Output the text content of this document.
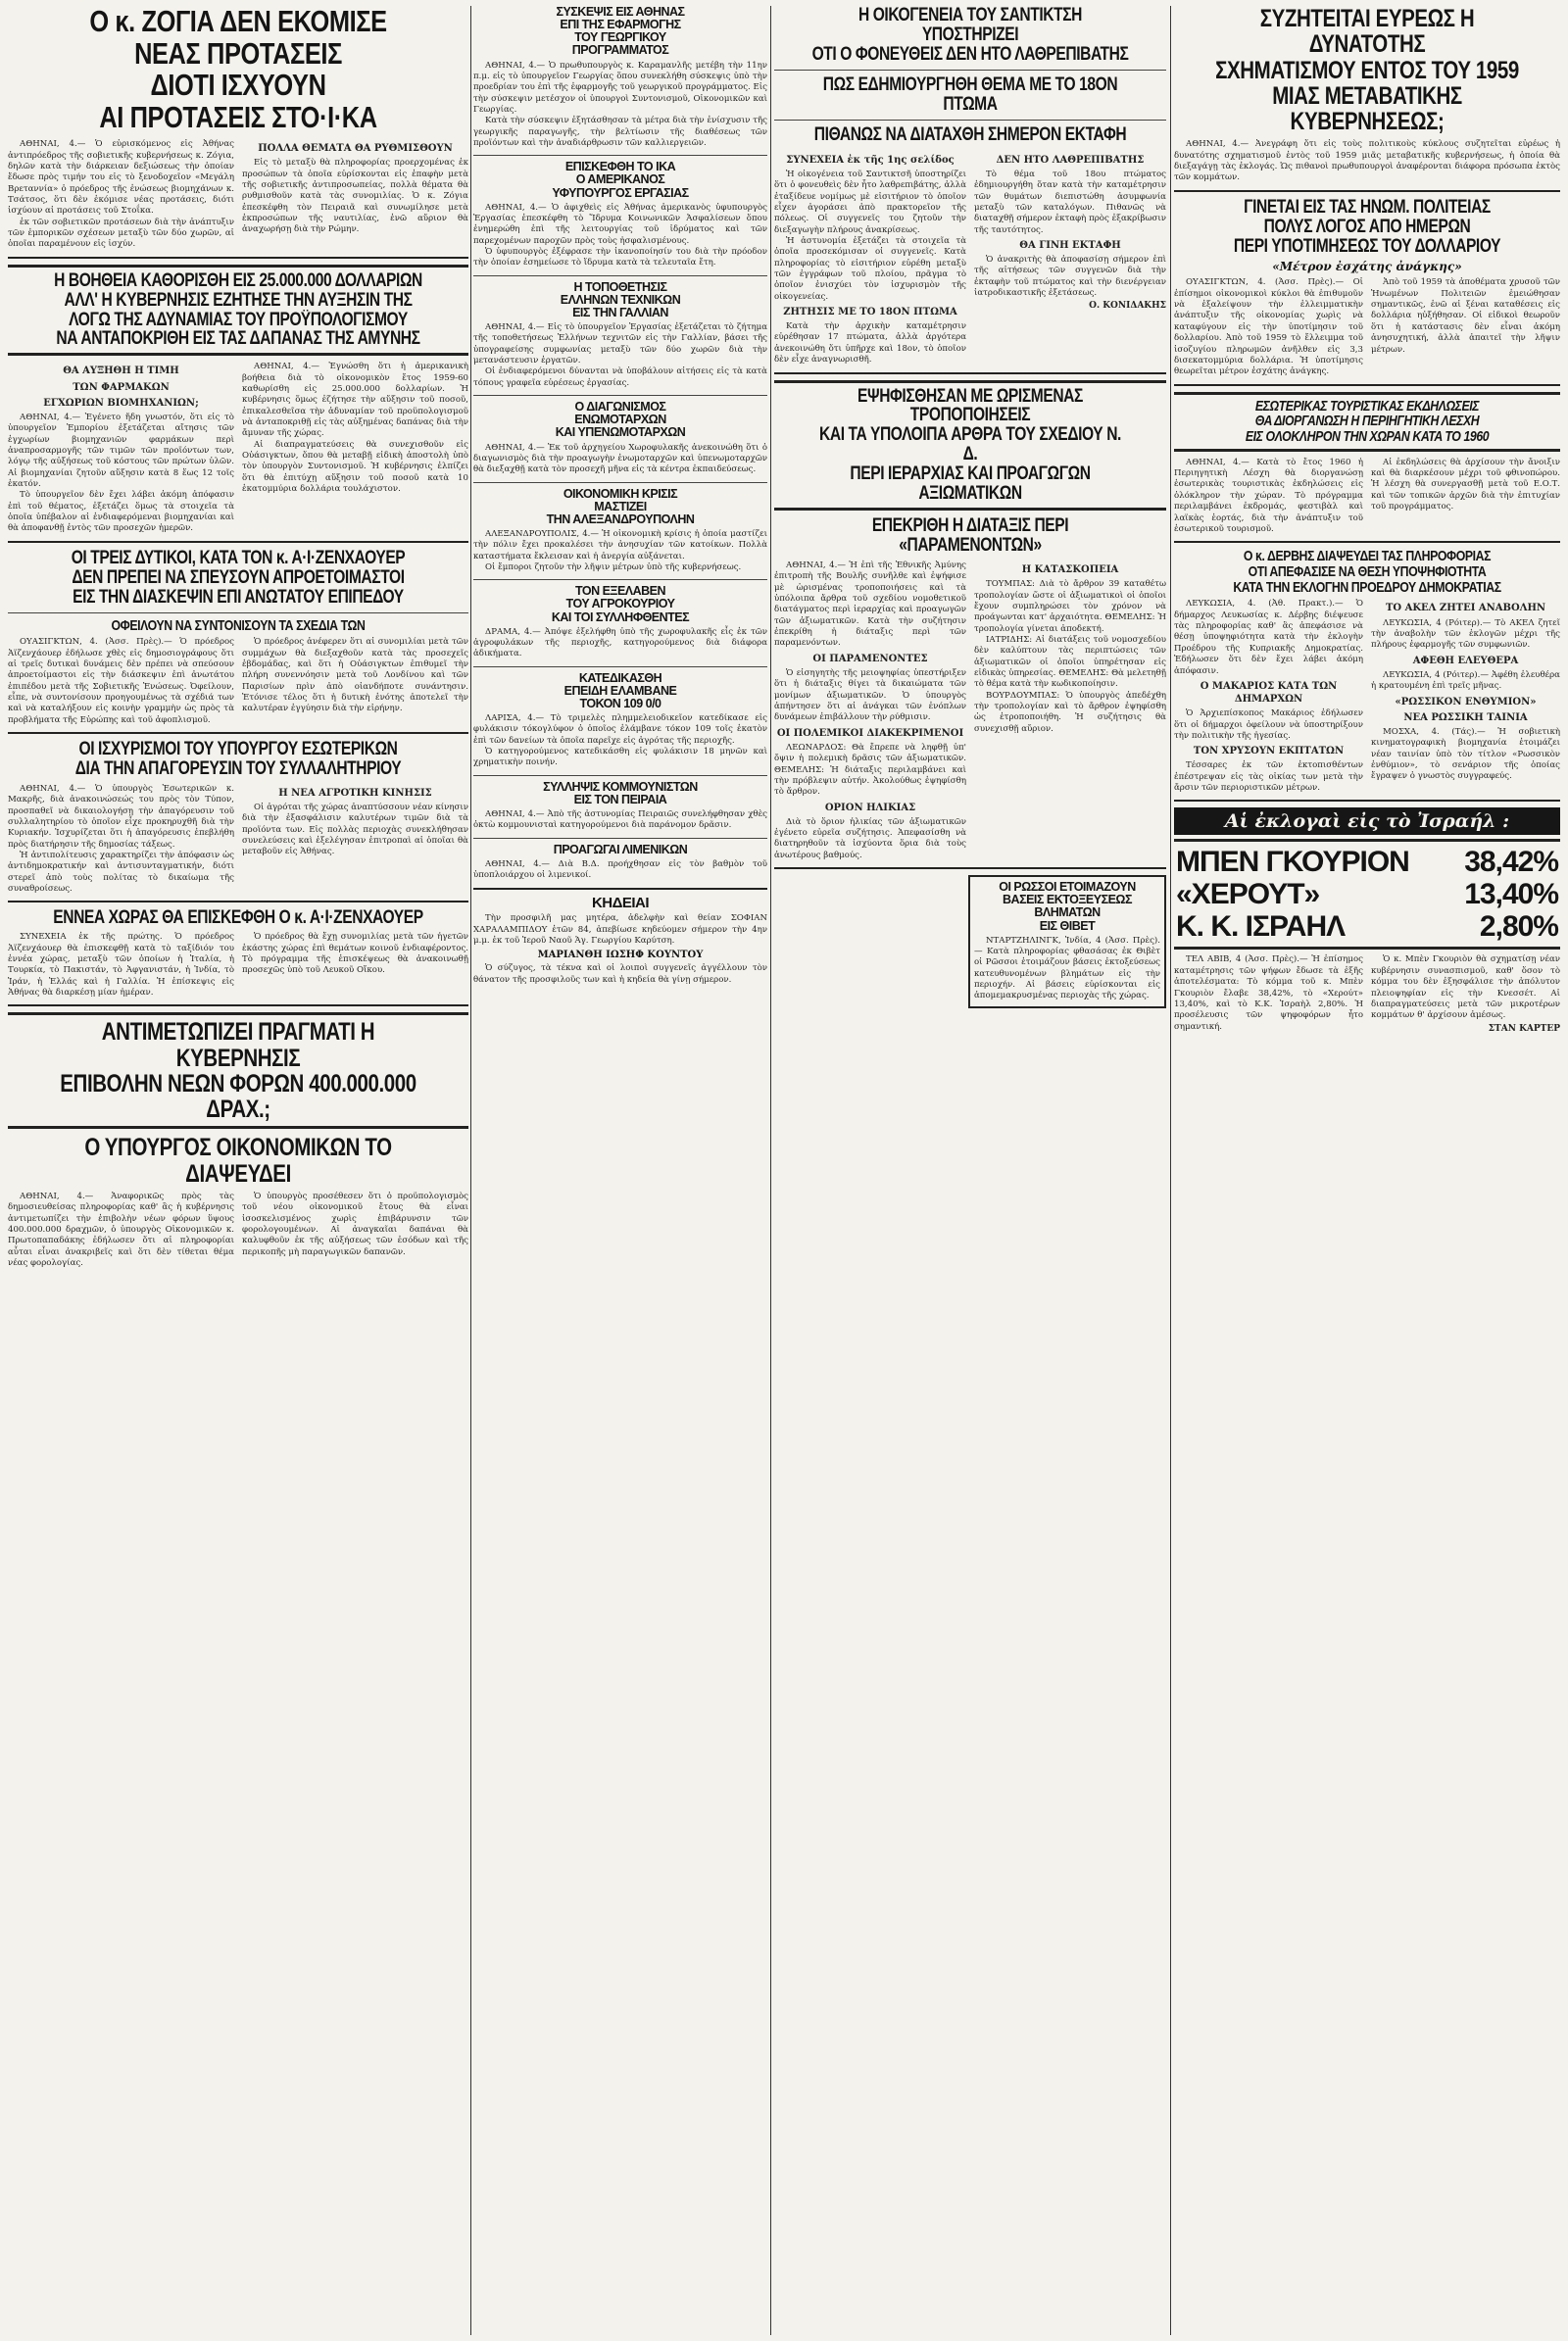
Ο κ. ΖΟΓΙΑ ΔΕΝ ΕΚΟΜΙΣΕ
ΝΕΑΣ ΠΡΟΤΑΣΕΙΣ
ΔΙΟΤΙ ΙΣΧΥΟΥΝ
ΑΙ ΠΡΟΤΑΣΕΙΣ ΣΤΟ·Ι·ΚΑ

ΑΘΗΝΑΙ, 4.— Ὁ εὑρισκόμενος εἰς Ἀθήνας ἀντιπρόεδρος τῆς σοβιετικῆς κυβερνήσεως κ. Ζόγια, δηλῶν κατὰ τὴν διάρκειαν δεξιώσεως τὴν ὁποίαν ἔδωσε πρὸς τιμήν του εἰς τὸ ξενοδοχεῖον «Μεγάλη Βρεταννία» ὁ πρόεδρος τῆς ἐνώσεως βιομηχάνων κ. Τσάτσος, ὅτι δὲν ἐκόμισε νέας προτάσεις, διότι ἰσχύουν αἱ προτάσεις τοῦ Στοΐκα.

ἐκ τῶν σοβιετικῶν προτάσεων διὰ τὴν ἀνάπτυξιν τῶν ἐμπορικῶν σχέσεων μεταξὺ τῶν δύο χωρῶν, αἱ ὁποῖαι παραμένουν εἰς ἰσχύν.

ΠΟΛΛΑ ΘΕΜΑΤΑ ΘΑ ΡΥΘΜΙΣΘΟΥΝ

Εἰς τὸ μεταξὺ θὰ πληροφορίας προερχομένας ἐκ προσώπων τὰ ὁποῖα εὑρίσκονται εἰς ἐπαφὴν μετὰ τῆς σοβιετικῆς ἀντιπροσωπείας, πολλὰ θέματα θὰ ρυθμισθοῦν κατὰ τὰς συνομιλίας. Ὁ κ. Ζόγια ἐπεσκέφθη τὸν Πειραιᾶ καὶ συνωμίλησε μετὰ ἐκπροσώπων τῆς ναυτιλίας, ἐνῶ αὔριον θὰ ἀναχωρήσῃ διὰ τὴν Ρώμην.

Η ΒΟΗΘΕΙΑ ΚΑΘΟΡΙΣΘΗ ΕΙΣ 25.000.000 ΔΟΛΛΑΡΙΩΝ
ΑΛΛ' Η ΚΥΒΕΡΝΗΣΙΣ ΕΖΗΤΗΣΕ ΤΗΝ ΑΥΞΗΣΙΝ ΤΗΣ
ΛΟΓΩ ΤΗΣ ΑΔΥΝΑΜΙΑΣ ΤΟΥ ΠΡΟΫΠΟΛΟΓΙΣΜΟΥ
ΝΑ ΑΝΤΑΠΟΚΡΙΘΗ ΕΙΣ ΤΑΣ ΔΑΠΑΝΑΣ ΤΗΣ ΑΜΥΝΗΣ
ΘΑ ΑΥΞΗΘΗ Η ΤΙΜΗ
ΤΩΝ ΦΑΡΜΑΚΩΝ
ΕΓΧΩΡΙΩΝ ΒΙΟΜΗΧΑΝΙΩΝ;

ΑΘΗΝΑΙ, 4.— Ἐγένετο ἤδη γνωστόν, ὅτι εἰς τὸ ὑπουργεῖον Ἐμπορίου ἐξετάζεται αἴτησις τῶν ἐγχωρίων βιομηχανιῶν φαρμάκων περὶ ἀναπροσαρμογῆς τῶν τιμῶν τῶν προϊόντων των, λόγῳ τῆς αὐξήσεως τοῦ κόστους τῶν πρώτων ὑλῶν. Αἱ βιομηχανίαι ζητοῦν αὔξησιν κατὰ 8 ἕως 12 τοῖς ἑκατόν.

Τὸ ὑπουργεῖον δὲν ἔχει λάβει ἀκόμη ἀπόφασιν ἐπὶ τοῦ θέματος, ἐξετάζει ὅμως τὰ στοιχεῖα τὰ ὁποῖα ὑπέβαλον αἱ ἐνδιαφερόμεναι βιομηχανίαι καὶ θὰ ἀποφανθῇ ἐντὸς τῶν προσεχῶν ἡμερῶν.

ΑΘΗΝΑΙ, 4.— Ἐγνώσθη ὅτι ἡ ἀμερικανικὴ βοήθεια διὰ τὸ οἰκονομικὸν ἔτος 1959-60 καθωρίσθη εἰς 25.000.000 δολλαρίων. Ἡ κυβέρνησις ὅμως ἐζήτησε τὴν αὔξησιν τοῦ ποσοῦ, ἐπικαλεσθεῖσα τὴν ἀδυναμίαν τοῦ προϋπολογισμοῦ νὰ ἀνταποκριθῇ εἰς τὰς αὐξημένας δαπάνας διὰ τὴν ἄμυναν τῆς χώρας.

Αἱ διαπραγματεύσεις θὰ συνεχισθοῦν εἰς Οὐάσιγκτων, ὅπου θὰ μεταβῇ εἰδικὴ ἀποστολὴ ὑπὸ τὸν ὑπουργὸν Συντονισμοῦ. Ἡ κυβέρνησις ἐλπίζει ὅτι θὰ ἐπιτύχῃ αὔξησιν τοῦ ποσοῦ κατὰ 10 ἑκατομμύρια δολλάρια τουλάχιστον.

ΟΙ ΤΡΕΙΣ ΔΥΤΙΚΟΙ, ΚΑΤΑ ΤΟΝ κ. Α·Ι·ΖΕΝΧΑΟΥΕΡ
ΔΕΝ ΠΡΕΠΕΙ ΝΑ ΣΠΕΥΣΟΥΝ ΑΠΡΟΕΤΟΙΜΑΣΤΟΙ
ΕΙΣ ΤΗΝ ΔΙΑΣΚΕΨΙΝ ΕΠΙ ΑΝΩΤΑΤΟΥ ΕΠΙΠΕΔΟΥ
ΟΦΕΙΛΟΥΝ ΝΑ ΣΥΝΤΟΝΙΣΟΥΝ ΤΑ ΣΧΕΔΙΑ ΤΩΝ

ΟΥΑΣΙΓΚΤΩΝ, 4. (Ἀσσ. Πρὲς).— Ὁ πρόεδρος Ἀϊζενχάουερ ἐδήλωσε χθὲς εἰς δημοσιογράφους ὅτι αἱ τρεῖς δυτικαὶ δυνάμεις δὲν πρέπει νὰ σπεύσουν ἀπροετοίμαστοι εἰς τὴν διάσκεψιν ἐπὶ ἀνωτάτου ἐπιπέδου μετὰ τῆς Σοβιετικῆς Ἑνώσεως. Ὀφείλουν, εἶπε, νὰ συντονίσουν προηγουμένως τὰ σχέδιά των καὶ νὰ καταλήξουν εἰς κοινὴν γραμμὴν ὡς πρὸς τὰ προβλήματα τῆς Εὐρώπης καὶ τοῦ ἀφοπλισμοῦ.

Ὁ πρόεδρος ἀνέφερεν ὅτι αἱ συνομιλίαι μετὰ τῶν συμμάχων θὰ διεξαχθοῦν κατὰ τὰς προσεχεῖς ἑβδομάδας, καὶ ὅτι ἡ Οὐάσιγκτων ἐπιθυμεῖ τὴν πλήρη συνεννόησιν μετὰ τοῦ Λονδίνου καὶ τῶν Παρισίων πρὶν ἀπὸ οἱανδήποτε συνάντησιν. Ἐτόνισε τέλος ὅτι ἡ δυτικὴ ἑνότης ἀποτελεῖ τὴν καλυτέραν ἐγγύησιν διὰ τὴν εἰρήνην.

ΟΙ ΙΣΧΥΡΙΣΜΟΙ ΤΟΥ ΥΠΟΥΡΓΟΥ ΕΣΩΤΕΡΙΚΩΝ
ΔΙΑ ΤΗΝ ΑΠΑΓΟΡΕΥΣΙΝ ΤΟΥ ΣΥΛΛΑΛΗΤΗΡΙΟΥ

ΑΘΗΝΑΙ, 4.— Ὁ ὑπουργὸς Ἐσωτερικῶν κ. Μακρῆς, διὰ ἀνακοινώσεώς του πρὸς τὸν Τύπον, προσπαθεῖ νὰ δικαιολογήσῃ τὴν ἀπαγόρευσιν τοῦ συλλαλητηρίου τὸ ὁποῖον εἶχε προκηρυχθῆ διὰ τὴν Κυριακήν. Ἰσχυρίζεται ὅτι ἡ ἀπαγόρευσις ἐπεβλήθη πρὸς διατήρησιν τῆς δημοσίας τάξεως.

Ἡ ἀντιπολίτευσις χαρακτηρίζει τὴν ἀπόφασιν ὡς ἀντιδημοκρατικήν καὶ ἀντισυνταγματικήν, διότι στερεῖ ἀπὸ τοὺς πολίτας τὸ δικαίωμα τῆς συναθροίσεως.

Η ΝΕΑ ΑΓΡΟΤΙΚΗ ΚΙΝΗΣΙΣ

Οἱ ἀγρόται τῆς χώρας ἀναπτύσσουν νέαν κίνησιν διὰ τὴν ἐξασφάλισιν καλυτέρων τιμῶν διὰ τὰ προϊόντα των. Εἰς πολλὰς περιοχὰς συνεκλήθησαν συνελεύσεις καὶ ἐξελέγησαν ἐπιτροπαὶ αἱ ὁποῖαι θὰ μεταβοῦν εἰς Ἀθήνας.

ΕΝΝΕΑ ΧΩΡΑΣ ΘΑ ΕΠΙΣΚΕΦΘΗ Ο κ. Α·Ι·ΖΕΝΧΑΟΥΕΡ

ΣΥΝΕΧΕΙΑ ἐκ τῆς πρώτης. Ὁ πρόεδρος Ἀϊζενχάουερ θὰ ἐπισκεφθῇ κατὰ τὸ ταξίδιόν του ἐννέα χώρας, μεταξὺ τῶν ὁποίων ἡ Ἰταλία, ἡ Τουρκία, τὸ Πακιστάν, τὸ Ἀφγανιστάν, ἡ Ἰνδία, τὸ Ἰράν, ἡ Ἑλλάς καὶ ἡ Γαλλία. Ἡ ἐπίσκεψις εἰς Ἀθήνας θὰ διαρκέσῃ μίαν ἡμέραν.

Ὁ πρόεδρος θὰ ἔχῃ συνομιλίας μετὰ τῶν ἡγετῶν ἑκάστης χώρας ἐπὶ θεμάτων κοινοῦ ἐνδιαφέροντος. Τὸ πρόγραμμα τῆς ἐπισκέψεως θὰ ἀνακοινωθῇ προσεχῶς ὑπὸ τοῦ Λευκοῦ Οἴκου.

ΑΝΤΙΜΕΤΩΠΙΖΕΙ ΠΡΑΓΜΑΤΙ Η ΚΥΒΕΡΝΗΣΙΣ
ΕΠΙΒΟΛΗΝ ΝΕΩΝ ΦΟΡΩΝ 400.000.000 ΔΡΑΧ.;
Ο ΥΠΟΥΡΓΟΣ ΟΙΚΟΝΟΜΙΚΩΝ ΤΟ ΔΙΑΨΕΥΔΕΙ

ΑΘΗΝΑΙ, 4.— Ἀναφορικῶς πρὸς τὰς δημοσιευθείσας πληροφορίας καθ' ἃς ἡ κυβέρνησις ἀντιμετωπίζει τὴν ἐπιβολὴν νέων φόρων ὕψους 400.000.000 δραχμῶν, ὁ ὑπουργὸς Οἰκονομικῶν κ. Πρωτοπαπαδάκης ἐδήλωσεν ὅτι αἱ πληροφορίαι αὗται εἶναι ἀνακριβεῖς καὶ ὅτι δὲν τίθεται θέμα νέας φορολογίας.

Ὁ ὑπουργὸς προσέθεσεν ὅτι ὁ προϋπολογισμὸς τοῦ νέου οἰκονομικοῦ ἔτους θὰ εἶναι ἰσοσκελισμένος χωρὶς ἐπιβάρυνσιν τῶν φορολογουμένων. Αἱ ἀναγκαῖαι δαπάναι θὰ καλυφθοῦν ἐκ τῆς αὐξήσεως τῶν ἐσόδων καὶ τῆς περικοπῆς μὴ παραγωγικῶν δαπανῶν.

ΣΥΣΚΕΨΙΣ ΕΙΣ ΑΘΗΝΑΣ
ΕΠΙ ΤΗΣ ΕΦΑΡΜΟΓΗΣ
ΤΟΥ ΓΕΩΡΓΙΚΟΥ
ΠΡΟΓΡΑΜΜΑΤΟΣ

ΑΘΗΝΑΙ, 4.— Ὁ πρωθυπουργὸς κ. Καραμανλῆς μετέβη τὴν 11ην π.μ. εἰς τὸ ὑπουργεῖον Γεωργίας ὅπου συνεκλήθη σύσκεψις ὑπὸ τὴν προεδρίαν του ἐπὶ τῆς ἐφαρμογῆς τοῦ γεωργικοῦ προγράμματος. Εἰς τὴν σύσκεψιν μετέσχον οἱ ὑπουργοὶ Συντονισμοῦ, Οἰκονομικῶν καὶ Γεωργίας.

Κατὰ τὴν σύσκεψιν ἐξητάσθησαν τὰ μέτρα διὰ τὴν ἐνίσχυσιν τῆς γεωργικῆς παραγωγῆς, τὴν βελτίωσιν τῆς διαθέσεως τῶν προϊόντων καὶ τὴν ἀναδιάρθρωσιν τῶν καλλιεργειῶν.

ΕΠΙΣΚΕΦΘΗ ΤΟ ΙΚΑ
Ο ΑΜΕΡΙΚΑΝΟΣ
ΥΦΥΠΟΥΡΓΟΣ ΕΡΓΑΣΙΑΣ

ΑΘΗΝΑΙ, 4.— Ὁ ἀφιχθεὶς εἰς Ἀθήνας ἀμερικανὸς ὑφυπουργὸς Ἐργασίας ἐπεσκέφθη τὸ Ἵδρυμα Κοινωνικῶν Ἀσφαλίσεων ὅπου ἐνημερώθη ἐπὶ τῆς λειτουργίας τοῦ ἱδρύματος καὶ τῶν παρεχομένων παροχῶν πρὸς τοὺς ἠσφαλισμένους.

Ὁ ὑφυπουργὸς ἐξέφρασε τὴν ἱκανοποίησίν του διὰ τὴν πρόοδον τὴν ὁποίαν ἐσημείωσε τὸ ἵδρυμα κατὰ τὰ τελευταῖα ἔτη.

Η ΤΟΠΟΘΕΤΗΣΙΣ
ΕΛΛΗΝΩΝ ΤΕΧΝΙΚΩΝ
ΕΙΣ ΤΗΝ ΓΑΛΛΙΑΝ

ΑΘΗΝΑΙ, 4.— Εἰς τὸ ὑπουργεῖον Ἐργασίας ἐξετάζεται τὸ ζήτημα τῆς τοποθετήσεως Ἑλλήνων τεχνιτῶν εἰς τὴν Γαλλίαν, βάσει τῆς ὑπογραφείσης συμφωνίας μεταξὺ τῶν δύο χωρῶν διὰ τὴν μετανάστευσιν ἐργατῶν.

Οἱ ἐνδιαφερόμενοι δύνανται νὰ ὑποβάλουν αἰτήσεις εἰς τὰ κατὰ τόπους γραφεῖα εὑρέσεως ἐργασίας.

Ο ΔΙΑΓΩΝΙΣΜΟΣ
ΕΝΩΜΟΤΑΡΧΩΝ
ΚΑΙ ΥΠΕΝΩΜΟΤΑΡΧΩΝ

ΑΘΗΝΑΙ, 4.— Ἐκ τοῦ ἀρχηγείου Χωροφυλακῆς ἀνεκοινώθη ὅτι ὁ διαγωνισμὸς διὰ τὴν προαγωγὴν ἐνωμοταρχῶν καὶ ὑπενωμοταρχῶν θὰ διεξαχθῇ κατὰ τὸν προσεχῆ μῆνα εἰς τὰ κέντρα ἐκπαιδεύσεως.

ΟΙΚΟΝΟΜΙΚΗ ΚΡΙΣΙΣ
ΜΑΣΤΙΖΕΙ
ΤΗΝ ΑΛΕΞΑΝΔΡΟΥΠΟΛΗΝ

ΑΛΕΞΑΝΔΡΟΥΠΟΛΙΣ, 4.— Ἡ οἰκονομικὴ κρίσις ἡ ὁποία μαστίζει τὴν πόλιν ἔχει προκαλέσει τὴν ἀνησυχίαν τῶν κατοίκων. Πολλὰ καταστήματα ἔκλεισαν καὶ ἡ ἀνεργία αὐξάνεται.

Οἱ ἔμποροι ζητοῦν τὴν λῆψιν μέτρων ὑπὸ τῆς κυβερνήσεως.

ΤΟΝ ΕΞΕΛΑΒΕΝ
ΤΟΥ ΑΓΡΟΚΟΥΡΙΟΥ
ΚΑΙ ΤΟΙ ΣΥΛΛΗΦΘΕΝΤΕΣ

ΔΡΑΜΑ, 4.— Ἀπόψε ἐξελήφθη ὑπὸ τῆς χωροφυλακῆς εἷς ἐκ τῶν ἀγροφυλάκων τῆς περιοχῆς, κατηγορούμενος διὰ διάφορα ἀδικήματα.

ΚΑΤΕΔΙΚΑΣΘΗ
ΕΠΕΙΔΗ ΕΛΑΜΒΑΝΕ
ΤΟΚΟΝ 109 0/0

ΛΑΡΙΣΑ, 4.— Τὸ τριμελὲς πλημμελειοδικεῖον κατεδίκασε εἰς φυλάκισιν τόκογλύφον ὁ ὁποῖος ἐλάμβανε τόκον 109 τοῖς ἑκατὸν ἐπὶ τῶν δανείων τὰ ὁποῖα παρεῖχε εἰς ἀγρότας τῆς περιοχῆς.

Ὁ κατηγορούμενος κατεδικάσθη εἰς φυλάκισιν 18 μηνῶν καὶ χρηματικὴν ποινήν.

ΣΥΛΛΗΨΙΣ ΚΟΜΜΟΥΝΙΣΤΩΝ
ΕΙΣ ΤΟΝ ΠΕΙΡΑΙΑ

ΑΘΗΝΑΙ, 4.— Ἀπὸ τῆς ἀστυνομίας Πειραιῶς συνελήφθησαν χθὲς ὀκτὼ κομμουνισταὶ κατηγορούμενοι διὰ παράνομον δρᾶσιν.

ΠΡΟΑΓΩΓΑΙ ΛΙΜΕΝΙΚΩΝ

ΑΘΗΝΑΙ, 4.— Διὰ Β.Δ. προήχθησαν εἰς τὸν βαθμὸν τοῦ ὑποπλοιάρχου οἱ λιμενικοί.

ΚΗΔΕΙΑΙ

Τὴν προσφιλῆ μας μητέρα, ἀδελφὴν καὶ θείαν ΣΟΦΙΑΝ ΧΑΡΑΛΑΜΠΙΔΟΥ ἐτῶν 84, ἀπεβίωσε κηδεύομεν σήμερον τὴν 4ην μ.μ. ἐκ τοῦ Ἱεροῦ Ναοῦ Ἁγ. Γεωργίου Καρύτση.

ΜΑΡΙΑΝΘΗ ΙΩΣΗΦ ΚΟΥΝΤΟΥ

Ὁ σύζυγος, τὰ τέκνα καὶ οἱ λοιποὶ συγγενεῖς ἀγγέλλουν τὸν θάνατον τῆς προσφιλοῦς των καὶ ἡ κηδεία θὰ γίνῃ σήμερον.

Η ΟΙΚΟΓΕΝΕΙΑ ΤΟΥ ΣΑΝΤΙΚΤΣΗ ΥΠΟΣΤΗΡΙΖΕΙ
ΟΤΙ Ο ΦΟΝΕΥΘΕΙΣ ΔΕΝ ΗΤΟ ΛΑΘΡΕΠΙΒΑΤΗΣ
ΠΩΣ ΕΔΗΜΙΟΥΡΓΗΘΗ ΘΕΜΑ ΜΕ ΤΟ 18ΟΝ ΠΤΩΜΑ
ΠΙΘΑΝΩΣ ΝΑ ΔΙΑΤΑΧΘΗ ΣΗΜΕΡΟΝ ΕΚΤΑΦΗ
ΣΥΝΕΧΕΙΑ ἐκ τῆς 1ης σελίδος

Ἡ οἰκογένεια τοῦ Σαντικτσῆ ὑποστηρίζει ὅτι ὁ φονευθεὶς δὲν ἦτο λαθρεπιβάτης, ἀλλὰ ἐταξίδευε νομίμως μὲ εἰσιτήριον τὸ ὁποῖον εἶχεν ἀγοράσει ἀπὸ πρακτορεῖον τῆς πόλεως. Οἱ συγγενεῖς του ζητοῦν τὴν διεξαγωγὴν πλήρους ἀνακρίσεως.

Ἡ ἀστυνομία ἐξετάζει τὰ στοιχεῖα τὰ ὁποῖα προσεκόμισαν οἱ συγγενεῖς. Κατὰ πληροφορίας τὸ εἰσιτήριον εὑρέθη μεταξὺ τῶν ἐγγράφων τοῦ πλοίου, πρᾶγμα τὸ ὁποῖον ἐνισχύει τὸν ἰσχυρισμὸν τῆς οἰκογενείας.

ΖΗΤΗΣΙΣ ΜΕ ΤΟ 18ΟΝ ΠΤΩΜΑ

Κατὰ τὴν ἀρχικὴν καταμέτρησιν εὑρέθησαν 17 πτώματα, ἀλλὰ ἀργότερα ἀνεκοινώθη ὅτι ὑπῆρχε καὶ 18ον, τὸ ὁποῖον δὲν εἶχε ἀναγνωρισθῆ.

ΔΕΝ ΗΤΟ ΛΑΘΡΕΠΙΒΑΤΗΣ

Τὸ θέμα τοῦ 18ου πτώματος ἐδημιουργήθη ὅταν κατὰ τὴν καταμέτρησιν τῶν θυμάτων διεπιστώθη ἀσυμφωνία μεταξὺ τῶν καταλόγων. Πιθανῶς νὰ διαταχθῇ σήμερον ἐκταφὴ πρὸς ἐξακρίβωσιν τῆς ταυτότητος.

ΘΑ ΓΙΝΗ ΕΚΤΑΦΗ

Ὁ ἀνακριτὴς θὰ ἀποφασίσῃ σήμερον ἐπὶ τῆς αἰτήσεως τῶν συγγενῶν διὰ τὴν ἐκταφὴν τοῦ πτώματος καὶ τὴν διενέργειαν ἰατροδικαστικῆς ἐξετάσεως.

Ο. ΚΟΝΙΔΑΚΗΣ
ΕΨΗΦΙΣΘΗΣΑΝ ΜΕ ΩΡΙΣΜΕΝΑΣ ΤΡΟΠΟΠΟΙΗΣΕΙΣ
ΚΑΙ ΤΑ ΥΠΟΛΟΙΠΑ ΑΡΘΡΑ ΤΟΥ ΣΧΕΔΙΟΥ Ν. Δ.
ΠΕΡΙ ΙΕΡΑΡΧΙΑΣ ΚΑΙ ΠΡΟΑΓΩΓΩΝ ΑΞΙΩΜΑΤΙΚΩΝ
ΕΠΕΚΡΙΘΗ Η ΔΙΑΤΑΞΙΣ ΠΕΡΙ «ΠΑΡΑΜΕΝΟΝΤΩΝ»

ΑΘΗΝΑΙ, 4.— Ἡ ἐπὶ τῆς Ἐθνικῆς Ἀμύνης ἐπιτροπὴ τῆς Βουλῆς συνῆλθε καὶ ἐψήφισε μὲ ὡρισμένας τροποποιήσεις καὶ τὰ ὑπόλοιπα ἄρθρα τοῦ σχεδίου νομοθετικοῦ διατάγματος περὶ ἱεραρχίας καὶ προαγωγῶν τῶν ἀξιωματικῶν. Κατὰ τὴν συζήτησιν ἐπεκρίθη ἡ διάταξις περὶ τῶν παραμενόντων.

ΟΙ ΠΑΡΑΜΕΝΟΝΤΕΣ

Ὁ εἰσηγητὴς τῆς μειοψηφίας ὑπεστήριξεν ὅτι ἡ διάταξις θίγει τὰ δικαιώματα τῶν μονίμων ἀξιωματικῶν. Ὁ ὑπουργὸς ἀπήντησεν ὅτι αἱ ἀνάγκαι τῶν ἐνόπλων δυνάμεων ἐπιβάλλουν τὴν ρύθμισιν.

ΟΙ ΠΟΛΕΜΙΚΟΙ ΔΙΑΚΕΚΡΙΜΕΝΟΙ

ΛΕΩΝΑΡΔΟΣ: Θὰ ἔπρεπε νὰ ληφθῇ ὑπ' ὄψιν ἡ πολεμικὴ δρᾶσις τῶν ἀξιωματικῶν. ΘΕΜΕΛΗΣ: Ἡ διάταξις περιλαμβάνει καὶ τὴν πρόβλεψιν αὐτήν. Ἀκολούθως ἐψηφίσθη τὸ ἄρθρον.

ΟΡΙΟΝ ΗΛΙΚΙΑΣ

Διὰ τὸ ὅριον ἡλικίας τῶν ἀξιωματικῶν ἐγένετο εὐρεῖα συζήτησις. Ἀπεφασίσθη νὰ διατηρηθοῦν τὰ ἰσχύοντα ὅρια διὰ τοὺς ἀνωτέρους βαθμούς.

Η ΚΑΤΑΣΚΟΠΕΙΑ

ΤΟΥΜΠΑΣ: Διὰ τὸ ἄρθρον 39 καταθέτω τροπολογίαν ὥστε οἱ ἀξιωματικοὶ οἱ ὁποῖοι ἔχουν συμπληρώσει τὸν χρόνον νὰ προάγωνται κατ' ἀρχαιότητα. ΘΕΜΕΛΗΣ: Ἡ τροπολογία γίνεται ἀποδεκτή.

ΙΑΤΡΙΔΗΣ: Αἱ διατάξεις τοῦ νομοσχεδίου δὲν καλύπτουν τὰς περιπτώσεις τῶν ἀξιωματικῶν οἱ ὁποῖοι ὑπηρέτησαν εἰς εἰδικὰς ὑπηρεσίας. ΘΕΜΕΛΗΣ: Θὰ μελετηθῇ τὸ θέμα κατὰ τὴν κωδικοποίησιν.

ΒΟΥΡΔΟΥΜΠΑΣ: Ὁ ὑπουργὸς ἀπεδέχθη τὴν τροπολογίαν καὶ τὸ ἄρθρον ἐψηφίσθη ὡς ἐτροποποιήθη. Ἡ συζήτησις θὰ συνεχισθῇ αὔριον.

ΟΙ ΡΩΣΣΟΙ ΕΤΟΙΜΑΖΟΥΝ
ΒΑΣΕΙΣ ΕΚΤΟΞΕΥΣΕΩΣ
ΒΛΗΜΑΤΩΝ
ΕΙΣ ΘΙΒΕΤ

ΝΤΑΡΤΖΗΛΙΝΓΚ, Ἰνδία, 4 (Ἀσσ. Πρὲς).— Κατὰ πληροφορίας φθασάσας ἐκ Θιβὲτ οἱ Ρῶσσοι ἑτοιμάζουν βάσεις ἐκτοξεύσεως κατευθυνομένων βλημάτων εἰς τὴν περιοχήν. Αἱ βάσεις εὑρίσκονται εἰς ἀπομεμακρυσμένας περιοχὰς τῆς χώρας.

ΣΥΖΗΤΕΙΤΑΙ ΕΥΡΕΩΣ Η ΔΥΝΑΤΟΤΗΣ
ΣΧΗΜΑΤΙΣΜΟΥ ΕΝΤΟΣ ΤΟΥ 1959
ΜΙΑΣ ΜΕΤΑΒΑΤΙΚΗΣ ΚΥΒΕΡΝΗΣΕΩΣ;

ΑΘΗΝΑΙ, 4.— Ἀνεγράφη ὅτι εἰς τοὺς πολιτικοὺς κύκλους συζητεῖται εὐρέως ἡ δυνατότης σχηματισμοῦ ἐντὸς τοῦ 1959 μιᾶς μεταβατικῆς κυβερνήσεως, ἡ ὁποία θὰ διεξαγάγῃ τὰς ἐκλογάς. Ὡς πιθανοὶ πρωθυπουργοὶ ἀναφέρονται διάφορα πρόσωπα ἐκτὸς τῶν κομμάτων.

ΓΙΝΕΤΑΙ ΕΙΣ ΤΑΣ ΗΝΩΜ. ΠΟΛΙΤΕΙΑΣ
ΠΟΛΥΣ ΛΟΓΟΣ ΑΠΟ ΗΜΕΡΩΝ
ΠΕΡΙ ΥΠΟΤΙΜΗΣΕΩΣ ΤΟΥ ΔΟΛΛΑΡΙΟΥ
«Μέτρον ἐσχάτης ἀνάγκης»

ΟΥΑΣΙΓΚΤΩΝ, 4. (Ἀσσ. Πρὲς).— Οἱ ἐπίσημοι οἰκονομικοὶ κύκλοι θὰ ἐπιθυμοῦν νὰ ἐξαλείψουν τὴν ἐλλειμματικὴν ἀνάπτυξιν τῆς οἰκονομίας χωρὶς νὰ καταφύγουν εἰς τὴν ὑποτίμησιν τοῦ δολλαρίου. Ἀπὸ τοῦ 1959 τὸ ἔλλειμμα τοῦ ἰσοζυγίου πληρωμῶν ἀνῆλθεν εἰς 3,3 δισεκατομμύρια δολλάρια. Ἡ ὑποτίμησις θεωρεῖται μέτρον ἐσχάτης ἀνάγκης.

Ἀπὸ τοῦ 1959 τὰ ἀποθέματα χρυσοῦ τῶν Ἡνωμένων Πολιτειῶν ἐμειώθησαν σημαντικῶς, ἐνῶ αἱ ξέναι καταθέσεις εἰς δολλάρια ηὐξήθησαν. Οἱ εἰδικοὶ θεωροῦν ὅτι ἡ κατάστασις δὲν εἶναι ἀκόμη ἀνησυχητική, ἀλλὰ ἀπαιτεῖ τὴν λῆψιν μέτρων.

ΕΣΩΤΕΡΙΚΑΣ ΤΟΥΡΙΣΤΙΚΑΣ ΕΚΔΗΛΩΣΕΙΣ
ΘΑ ΔΙΟΡΓΑΝΩΣΗ Η ΠΕΡΙΗΓΗΤΙΚΗ ΛΕΣΧΗ
ΕΙΣ ΟΛΟΚΛΗΡΟΝ ΤΗΝ ΧΩΡΑΝ ΚΑΤΑ ΤΟ 1960

ΑΘΗΝΑΙ, 4.— Κατὰ τὸ ἔτος 1960 ἡ Περιηγητικὴ Λέσχη θὰ διοργανώσῃ ἐσωτερικὰς τουριστικὰς ἐκδηλώσεις εἰς ὁλόκληρον τὴν χώραν. Τὸ πρόγραμμα περιλαμβάνει ἐκδρομάς, φεστιβὰλ καὶ λαϊκὰς ἑορτάς, διὰ τὴν ἀνάπτυξιν τοῦ ἐσωτερικοῦ τουρισμοῦ.

Αἱ ἐκδηλώσεις θὰ ἀρχίσουν τὴν ἄνοιξιν καὶ θὰ διαρκέσουν μέχρι τοῦ φθινοπώρου. Ἡ λέσχη θὰ συνεργασθῇ μετὰ τοῦ Ε.Ο.Τ. καὶ τῶν τοπικῶν ἀρχῶν διὰ τὴν ἐπιτυχίαν τοῦ προγράμματος.

Ο κ. ΔΕΡΒΗΣ ΔΙΑΨΕΥΔΕΙ ΤΑΣ ΠΛΗΡΟΦΟΡΙΑΣ
ΟΤΙ ΑΠΕΦΑΣΙΣΕ ΝΑ ΘΕΣΗ ΥΠΟΨΗΦΙΟΤΗΤΑ
ΚΑΤΑ ΤΗΝ ΕΚΛΟΓΗΝ ΠΡΟΕΔΡΟΥ ΔΗΜΟΚΡΑΤΙΑΣ

ΛΕΥΚΩΣΙΑ, 4. (Ἀθ. Πρακτ.).— Ὁ δήμαρχος Λευκωσίας κ. Δέρβης διέψευσε τὰς πληροφορίας καθ' ἃς ἀπεφάσισε νὰ θέσῃ ὑποψηφιότητα κατὰ τὴν ἐκλογὴν Προέδρου τῆς Κυπριακῆς Δημοκρατίας. Ἐδήλωσεν ὅτι δὲν ἔχει λάβει ἀκόμη ἀπόφασιν.

Ο ΜΑΚΑΡΙΟΣ ΚΑΤΑ ΤΩΝ ΔΗΜΑΡΧΩΝ

Ὁ Ἀρχιεπίσκοπος Μακάριος ἐδήλωσεν ὅτι οἱ δήμαρχοι ὀφείλουν νὰ ὑποστηρίξουν τὴν πολιτικὴν τῆς ἡγεσίας.

ΤΟΝ ΧΡΥΣΟΥΝ ΕΚΠΤΑΤΩΝ

Τέσσαρες ἐκ τῶν ἐκτοπισθέντων ἐπέστρεψαν εἰς τὰς οἰκίας των μετὰ τὴν ἄρσιν τῶν περιοριστικῶν μέτρων.

ΤΟ ΑΚΕΛ ΖΗΤΕΙ ΑΝΑΒΟΛΗΝ

ΛΕΥΚΩΣΙΑ, 4 (Ρόιτερ).— Τὸ ΑΚΕΛ ζητεῖ τὴν ἀναβολὴν τῶν ἐκλογῶν μέχρι τῆς πλήρους ἐφαρμογῆς τῶν συμφωνιῶν.

ΑΦΕΘΗ ΕΛΕΥΘΕΡΑ

ΛΕΥΚΩΣΙΑ, 4 (Ρόιτερ).— Ἀφέθη ἐλευθέρα ἡ κρατουμένη ἐπὶ τρεῖς μῆνας.

«ΡΩΣΣΙΚΟΝ ΕΝΘΥΜΙΟΝ»
ΝΕΑ ΡΩΣΣΙΚΗ ΤΑΙΝΙΑ

ΜΟΣΧΑ, 4. (Τάς).— Ἡ σοβιετικὴ κινηματογραφικὴ βιομηχανία ἐτοιμάζει νέαν ταινίαν ὑπὸ τὸν τίτλον «Ρωσσικὸν ἐνθύμιον», τὸ σενάριον τῆς ὁποίας ἔγραψεν ὁ γνωστὸς συγγραφεύς.

Αἱ ἐκλογαὶ εἰς τὸ Ἰσραήλ :
ΜΠΕΝ ΓΚΟΥΡΙΟΝ 38,42%
«ΧΕΡΟΥΤ»	13,40%
Κ. Κ. ΙΣΡΑΗΛ	2,80%

ΤΕΛ ΑΒΙΒ, 4 (Ἀσσ. Πρὲς).— Ἡ ἐπίσημος καταμέτρησις τῶν ψήφων ἔδωσε τὰ ἑξῆς ἀποτελέσματα: Τὸ κόμμα τοῦ κ. Μπὲν Γκουριὸν ἔλαβε 38,42%, τὸ «Χερούτ» 13,40%, καὶ τὸ Κ.Κ. Ἰσραὴλ 2,80%. Ἡ προσέλευσις τῶν ψηφοφόρων ἦτο σημαντική.

Ὁ κ. Μπὲν Γκουριὸν θὰ σχηματίσῃ νέαν κυβέρνησιν συνασπισμοῦ, καθ' ὅσον τὸ κόμμα του δὲν ἐξησφάλισε τὴν ἀπόλυτον πλειοψηφίαν εἰς τὴν Κνεσσέτ. Αἱ διαπραγματεύσεις μετὰ τῶν μικροτέρων κομμάτων θ' ἀρχίσουν ἀμέσως.

ΣΤΑΝ ΚΑΡΤΕΡ
